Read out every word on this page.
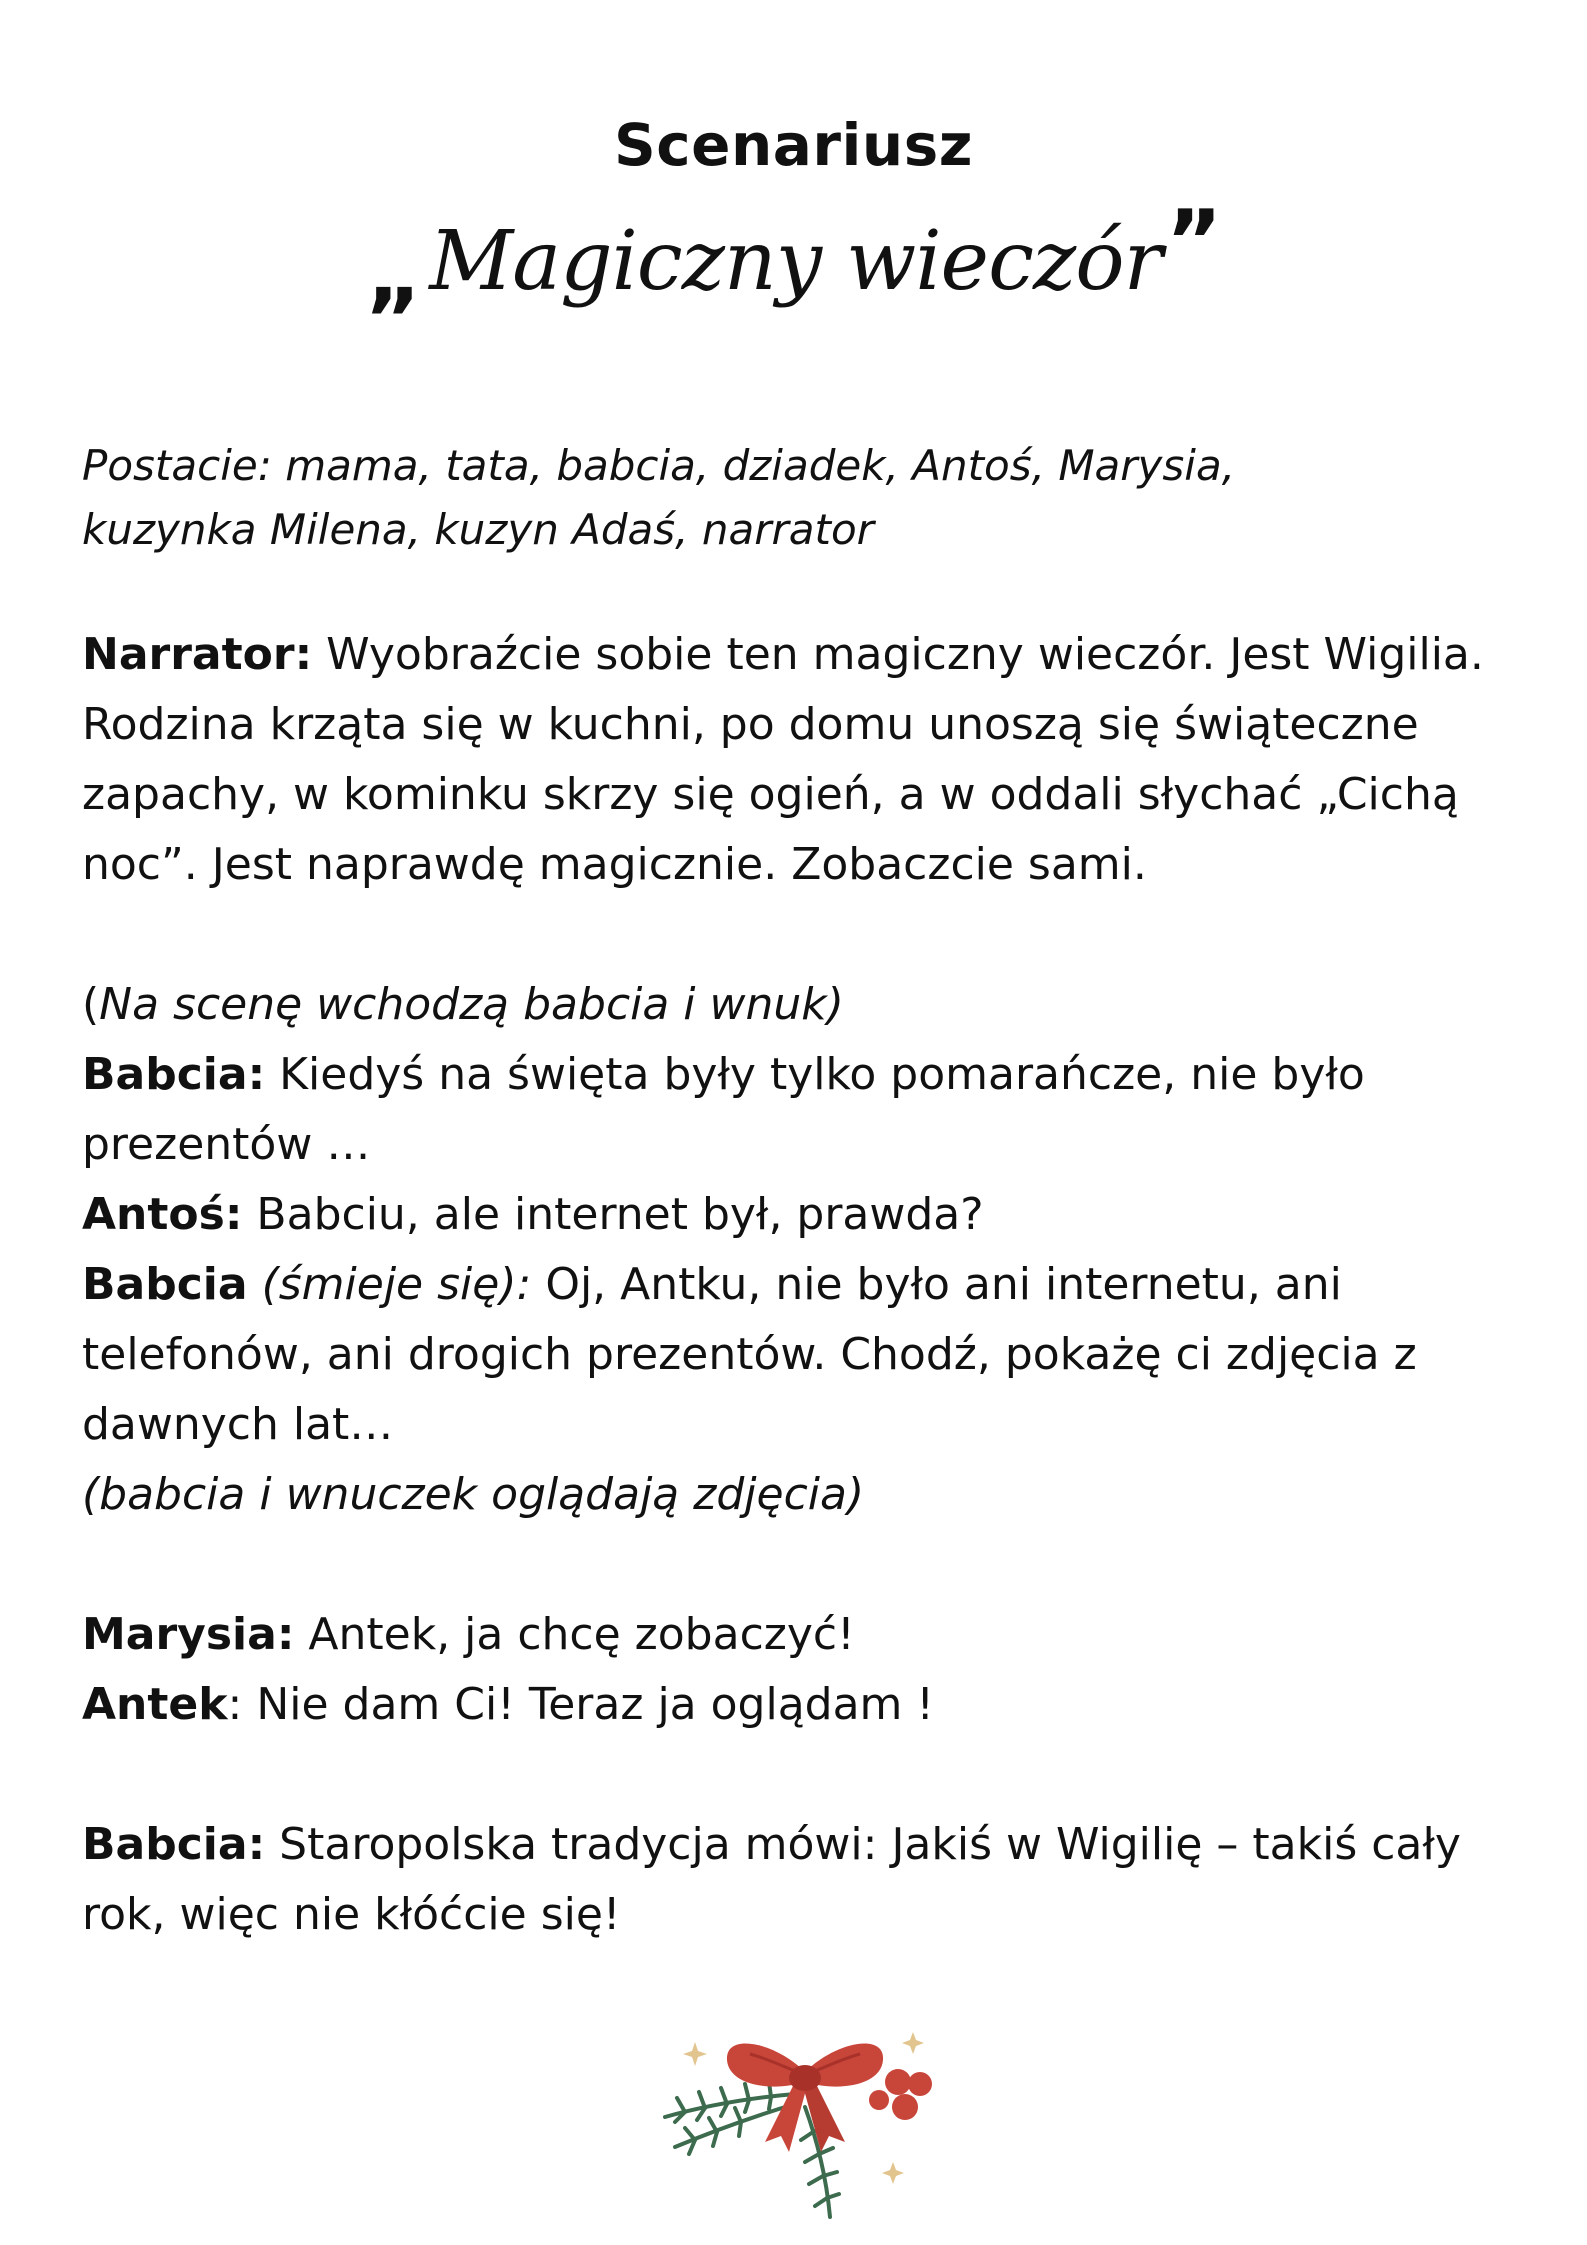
Scenariusz
„Magiczny wieczór”

Postacie: mama, tata, babcia, dziadek, Antoś, Marysia, kuzynka Milena, kuzyn Adaś, narrator

Narrator: Wyobraźcie sobie ten magiczny wieczór. Jest Wigilia. Rodzina krząta się w kuchni, po domu unoszą się świąteczne zapachy, w kominku skrzy się ogień, a w oddali słychać „Cichą noc”. Jest naprawdę magicznie. Zobaczcie sami.

(Na scenę wchodzą babcia i wnuk)

Babcia: Kiedyś na święta były tylko pomarańcze, nie było prezentów …

Antoś: Babciu, ale internet był, prawda?

Babcia (śmieje się): Oj, Antku, nie było ani internetu, ani telefonów, ani drogich prezentów. Chodź, pokażę ci zdjęcia z dawnych lat…

(babcia i wnuczek oglądają zdjęcia)

Marysia: Antek, ja chcę zobaczyć!

Antek: Nie dam Ci! Teraz ja oglądam !

Babcia: Staropolska tradycja mówi: Jakiś w Wigilię – takiś cały rok, więc nie kłóćcie się!
